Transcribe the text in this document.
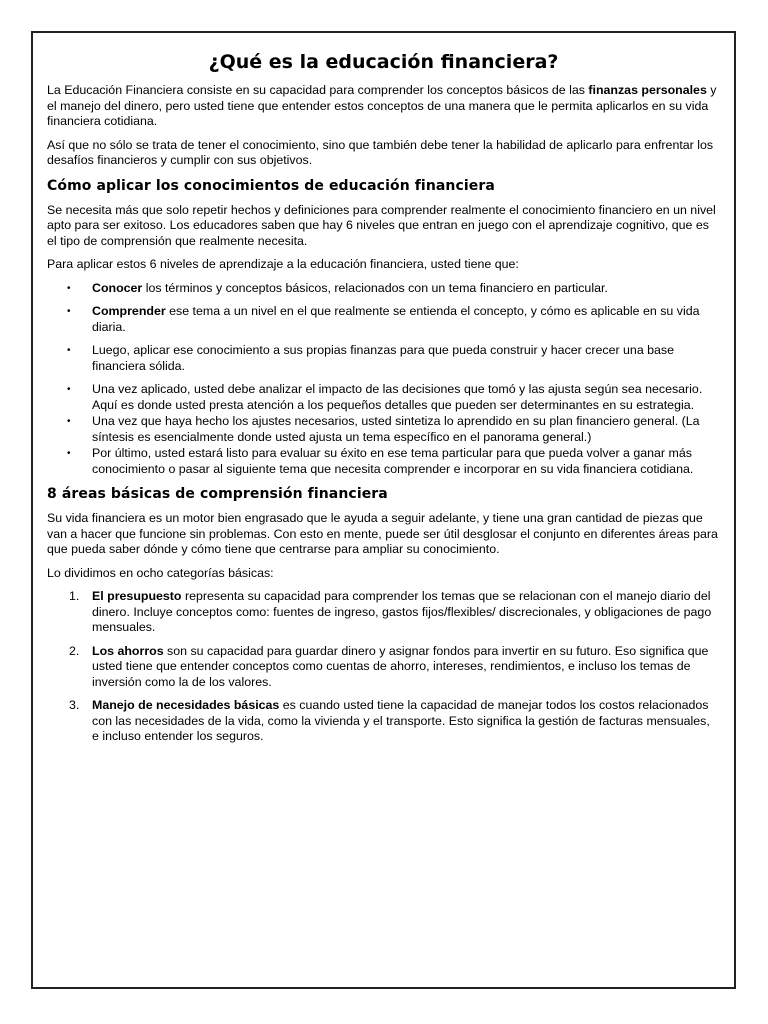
¿Qué es la educación financiera?

La Educación Financiera consiste en su capacidad para comprender los conceptos básicos de las finanzas personales y el manejo del dinero, pero usted tiene que entender estos conceptos de una manera que le permita aplicarlos en su vida financiera cotidiana.

Así que no sólo se trata de tener el conocimiento, sino que también debe tener la habilidad de aplicarlo para enfrentar los desafíos financieros y cumplir con sus objetivos.

Cómo aplicar los conocimientos de educación financiera

Se necesita más que solo repetir hechos y definiciones para comprender realmente el conocimiento financiero en un nivel apto para ser exitoso. Los educadores saben que hay 6 niveles que entran en juego con el aprendizaje cognitivo, que es el tipo de comprensión que realmente necesita.

Para aplicar estos 6 niveles de aprendizaje a la educación financiera, usted tiene que:

• Conocer los términos y conceptos básicos, relacionados con un tema financiero en particular.
• Comprender ese tema a un nivel en el que realmente se entienda el concepto, y cómo es aplicable en su vida diaria.
• Luego, aplicar ese conocimiento a sus propias finanzas para que pueda construir y hacer crecer una base financiera sólida.
• Una vez aplicado, usted debe analizar el impacto de las decisiones que tomó y las ajusta según sea necesario. Aquí es donde usted presta atención a los pequeños detalles que pueden ser determinantes en su estrategia.
• Una vez que haya hecho los ajustes necesarios, usted sintetiza lo aprendido en su plan financiero general. (La síntesis es esencialmente donde usted ajusta un tema específico en el panorama general.)
• Por último, usted estará listo para evaluar su éxito en ese tema particular para que pueda volver a ganar más conocimiento o pasar al siguiente tema que necesita comprender e incorporar en su vida financiera cotidiana.
8 áreas básicas de comprensión financiera

Su vida financiera es un motor bien engrasado que le ayuda a seguir adelante, y tiene una gran cantidad de piezas que van a hacer que funcione sin problemas. Con esto en mente, puede ser útil desglosar el conjunto en diferentes áreas para que pueda saber dónde y cómo tiene que centrarse para ampliar su conocimiento.

Lo dividimos en ocho categorías básicas:

1. El presupuesto representa su capacidad para comprender los temas que se relacionan con el manejo diario del dinero. Incluye conceptos como: fuentes de ingreso, gastos fijos/flexibles/ discrecionales, y obligaciones de pago mensuales.
2. Los ahorros son su capacidad para guardar dinero y asignar fondos para invertir en su futuro. Eso significa que usted tiene que entender conceptos como cuentas de ahorro, intereses, rendimientos, e incluso los temas de inversión como la de los valores.
3. Manejo de necesidades básicas es cuando usted tiene la capacidad de manejar todos los costos relacionados con las necesidades de la vida, como la vivienda y el transporte. Esto significa la gestión de facturas mensuales, e incluso entender los seguros.
